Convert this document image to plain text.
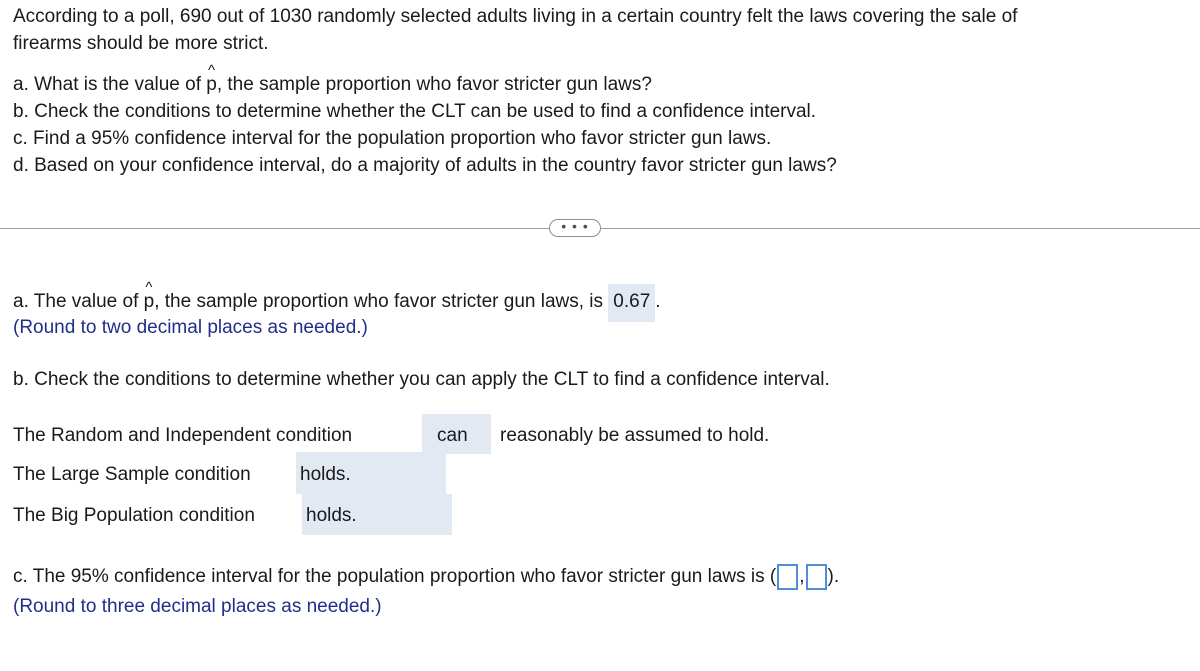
According to a poll, 690 out of 1030 randomly selected adults living in a certain country felt the laws covering the sale of
firearms should be more strict.
a. What is the value of
^
p, the sample proportion who favor stricter gun laws?
b. Check the conditions to determine whether the CLT can be used to find a confidence interval.
c. Find a 95% confidence interval for the population proportion who favor stricter gun laws.
d. Based on your confidence interval, do a majority of adults in the country favor stricter gun laws?
• • •
a. The value of
^
p, the sample proportion who favor stricter gun laws, is 0.67 .
(Round to two decimal places as needed.)
b. Check the conditions to determine whether you can apply the CLT to find a confidence interval.
The Random and Independent condition	can reasonably be assumed to hold.
The Large Sample condition	holds.
The Big Population condition	holds.
c. The 95% confidence interval for the population proportion who favor stricter gun laws is ( , ).
(Round to three decimal places as needed.)
